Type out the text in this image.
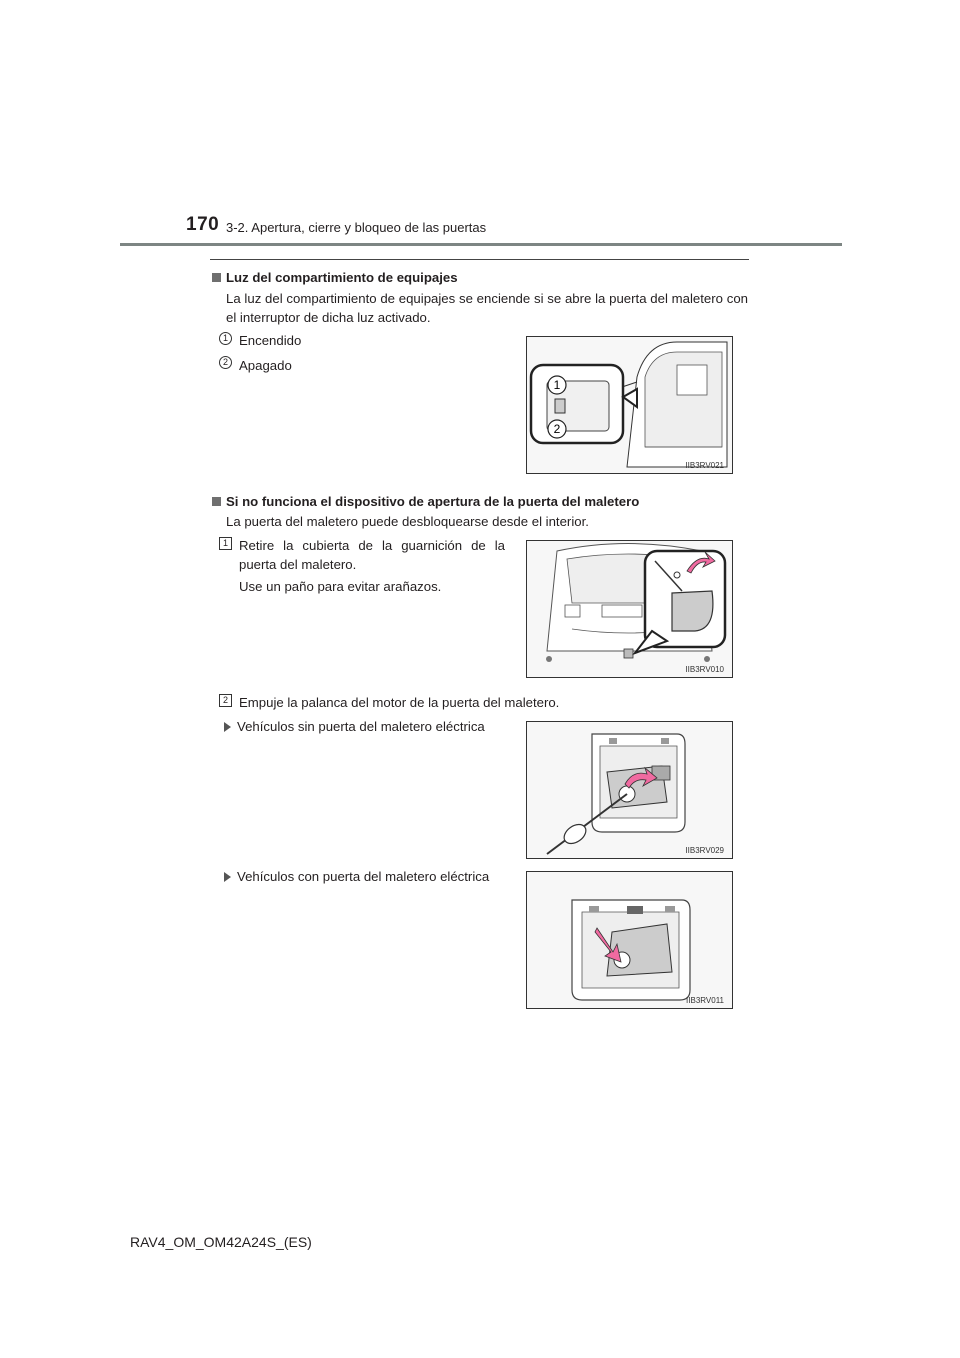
170 3-2. Apertura, cierre y bloqueo de las puertas
Luz del compartimiento de equipajes
La luz del compartimiento de equipajes se enciende si se abre la puerta del maletero con el interruptor de dicha luz activado.
1 Encendido
2 Apagado
1
2
IIB3RV021
Si no funciona el dispositivo de apertura de la puerta del maletero
La puerta del maletero puede desbloquearse desde el interior.
1 Retire la cubierta de la guarnición de la puerta del maletero.
Use un paño para evitar arañazos.
IIB3RV010
2 Empuje la palanca del motor de la puerta del maletero.
Vehículos sin puerta del maletero eléctrica
IIB3RV029
Vehículos con puerta del maletero eléctrica
IIB3RV011
RAV4_OM_OM42A24S_(ES)
